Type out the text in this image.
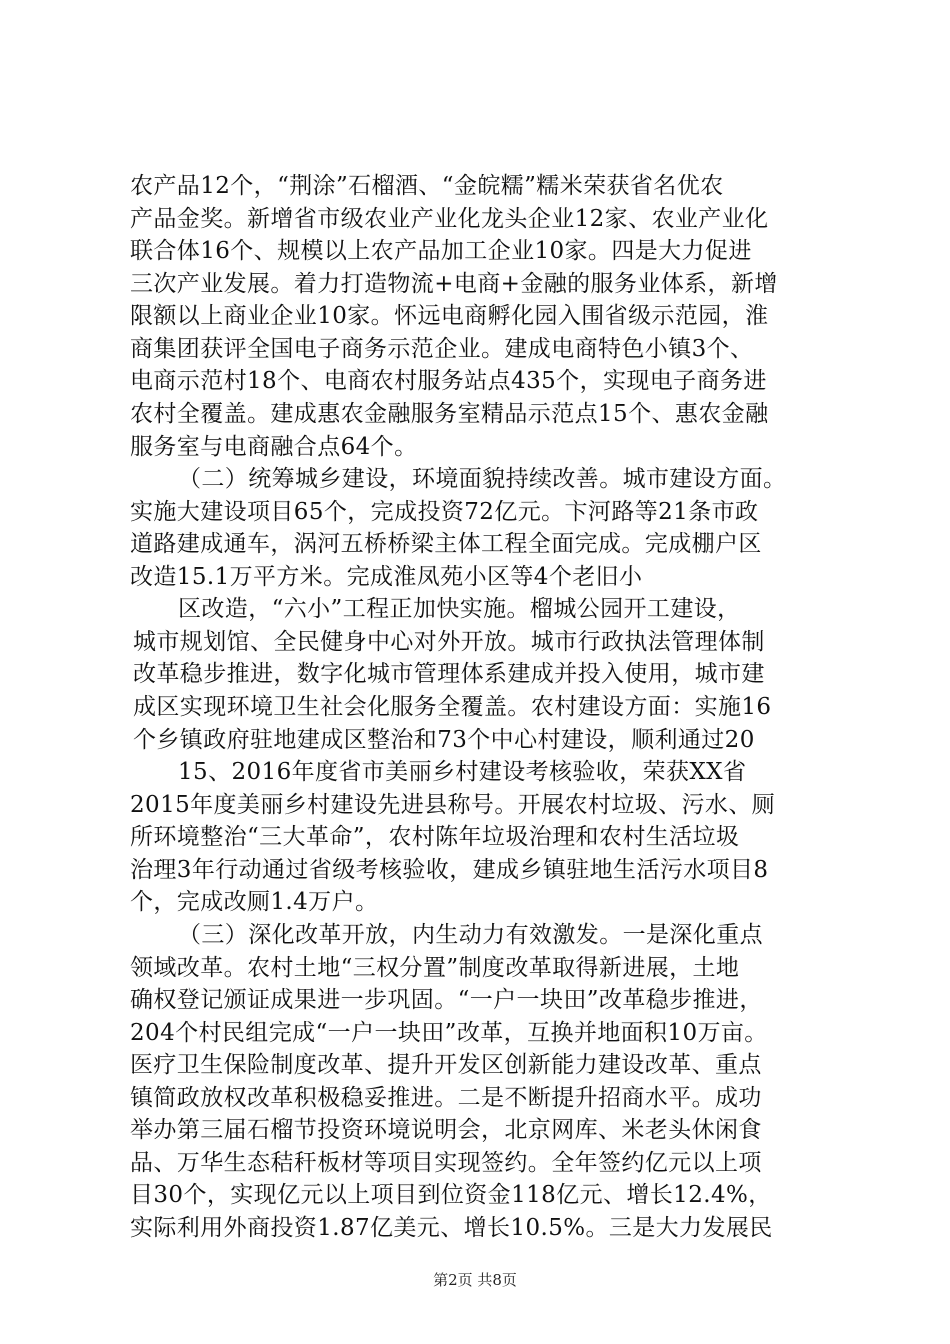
农产品12个，“荆涂”石榴酒、“金皖糯”糯米荣获省名优农
产品金奖。新增省市级农业产业化龙头企业12家、农业产业化
联合体16个、规模以上农产品加工企业10家。四是大力促进
三次产业发展。着力打造物流+电商+金融的服务业体系，新增
限额以上商业企业10家。怀远电商孵化园入围省级示范园，淮
商集团获评全国电子商务示范企业。建成电商特色小镇3个、
电商示范村18个、电商农村服务站点435个，实现电子商务进
农村全覆盖。建成惠农金融服务室精品示范点15个、惠农金融
服务室与电商融合点64个。
（二）统筹城乡建设，环境面貌持续改善。城市建设方面。
实施大建设项目65个，完成投资72亿元。卞河路等21条市政
道路建成通车，涡河五桥桥梁主体工程全面完成。完成棚户区
改造15.1万平方米。完成淮凤苑小区等4个老旧小
区改造，“六小”工程正加快实施。榴城公园开工建设，
城市规划馆、全民健身中心对外开放。城市行政执法管理体制
改革稳步推进，数字化城市管理体系建成并投入使用，城市建
成区实现环境卫生社会化服务全覆盖。农村建设方面：实施16
个乡镇政府驻地建成区整治和73个中心村建设，顺利通过20
15、2016年度省市美丽乡村建设考核验收，荣获XX省
2015年度美丽乡村建设先进县称号。开展农村垃圾、污水、厕
所环境整治“三大革命”，农村陈年垃圾治理和农村生活垃圾
治理3年行动通过省级考核验收，建成乡镇驻地生活污水项目8
个，完成改厕1.4万户。
（三）深化改革开放，内生动力有效激发。一是深化重点
领域改革。农村土地“三权分置”制度改革取得新进展，土地
确权登记颁证成果进一步巩固。“一户一块田”改革稳步推进，
204个村民组完成“一户一块田”改革，互换并地面积10万亩。
医疗卫生保险制度改革、提升开发区创新能力建设改革、重点
镇简政放权改革积极稳妥推进。二是不断提升招商水平。成功
举办第三届石榴节投资环境说明会，北京网库、米老头休闲食
品、万华生态秸秆板材等项目实现签约。全年签约亿元以上项
目30个，实现亿元以上项目到位资金118亿元、增长12.4%，
实际利用外商投资1.87亿美元、增长10.5%。三是大力发展民
第2页 共8页
